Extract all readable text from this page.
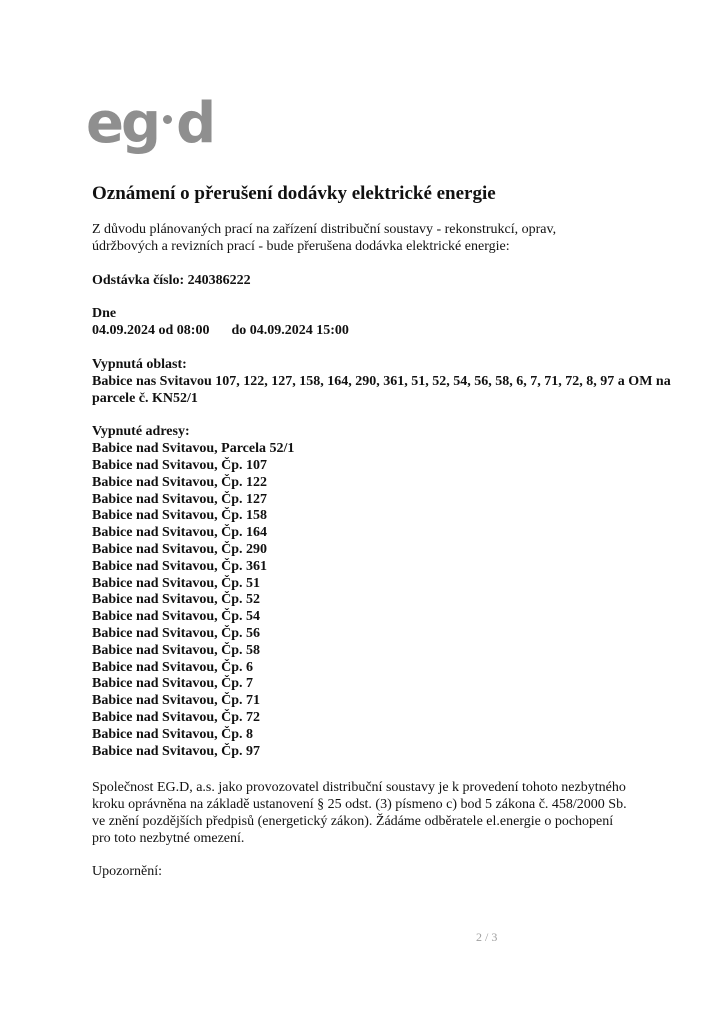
eg d
Oznámení o přerušení dodávky elektrické energie

Z důvodu plánovaných prací na zařízení distribuční soustavy - rekonstrukcí, oprav, údržbových a revizních prací - bude přerušena dodávka elektrické energie:

Odstávka číslo: 240386222
Dne
04.09.2024 od 08:00 do 04.09.2024 15:00
Vypnutá oblast:
Babice nas Svitavou 107, 122, 127, 158, 164, 290, 361, 51, 52, 54, 56, 58, 6, 7, 71, 72, 8, 97 a OM na parcele č. KN52/1
Vypnuté adresy:
Babice nad Svitavou, Parcela 52/1
Babice nad Svitavou, Čp. 107
Babice nad Svitavou, Čp. 122
Babice nad Svitavou, Čp. 127
Babice nad Svitavou, Čp. 158
Babice nad Svitavou, Čp. 164
Babice nad Svitavou, Čp. 290
Babice nad Svitavou, Čp. 361
Babice nad Svitavou, Čp. 51
Babice nad Svitavou, Čp. 52
Babice nad Svitavou, Čp. 54
Babice nad Svitavou, Čp. 56
Babice nad Svitavou, Čp. 58
Babice nad Svitavou, Čp. 6
Babice nad Svitavou, Čp. 7
Babice nad Svitavou, Čp. 71
Babice nad Svitavou, Čp. 72
Babice nad Svitavou, Čp. 8
Babice nad Svitavou, Čp. 97

Společnost EG.D, a.s. jako provozovatel distribuční soustavy je k provedení tohoto nezbytného kroku oprávněna na základě ustanovení § 25 odst. (3) písmeno c) bod 5 zákona č. 458/2000 Sb. ve znění pozdějších předpisů (energetický zákon). Žádáme odběratele el.energie o pochopení pro toto nezbytné omezení.

Upozornění:
2 / 3
